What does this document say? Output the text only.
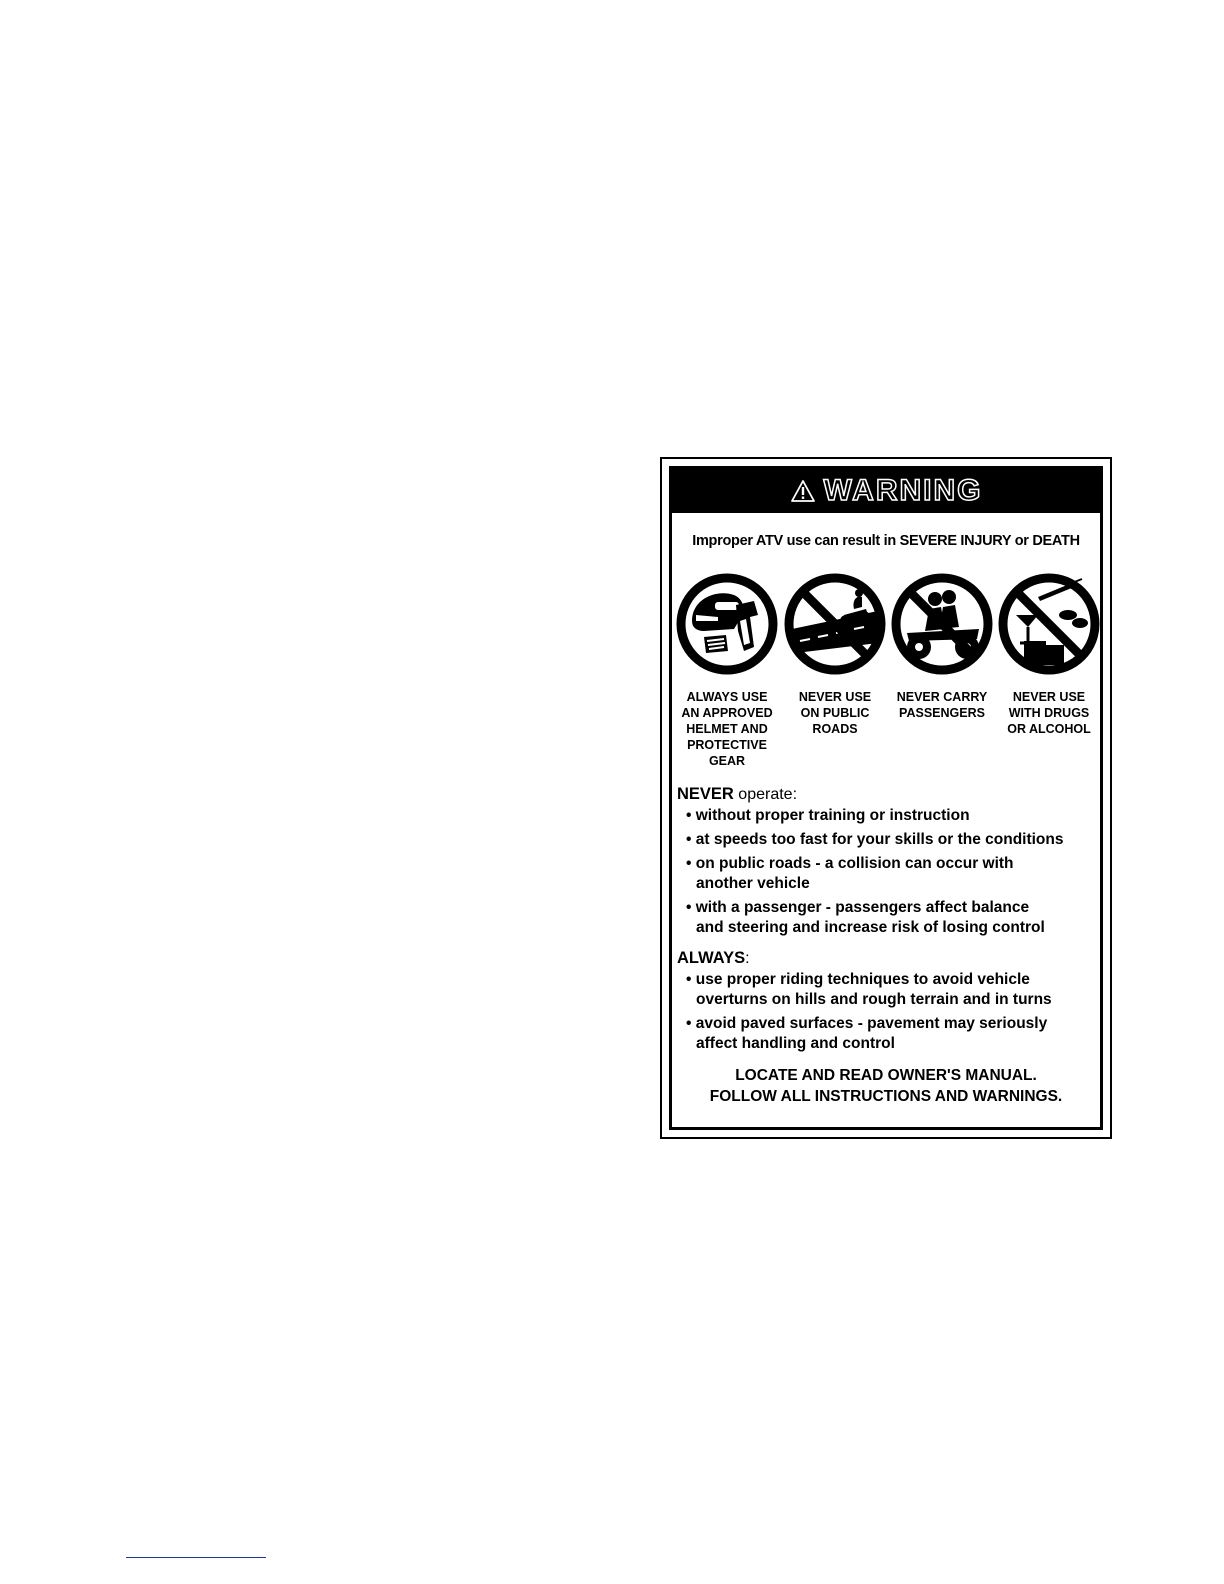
WARNING
Improper ATV use can result in SEVERE INJURY or DEATH
ALWAYS USE
AN APPROVED
HELMET AND
PROTECTIVE
GEAR
NEVER USE
ON PUBLIC
ROADS
NEVER CARRY
PASSENGERS
NEVER USE
WITH DRUGS
OR ALCOHOL
NEVER operate:
• without proper training or instruction
• at speeds too fast for your skills or the conditions
• on public roads - a collision can occur with
another vehicle
• with a passenger - passengers affect balance
and steering and increase risk of losing control
ALWAYS:
• use proper riding techniques to avoid vehicle
overturns on hills and rough terrain and in turns
• avoid paved surfaces - pavement may seriously
affect handling and control
LOCATE AND READ OWNER'S MANUAL.
FOLLOW ALL INSTRUCTIONS AND WARNINGS.
